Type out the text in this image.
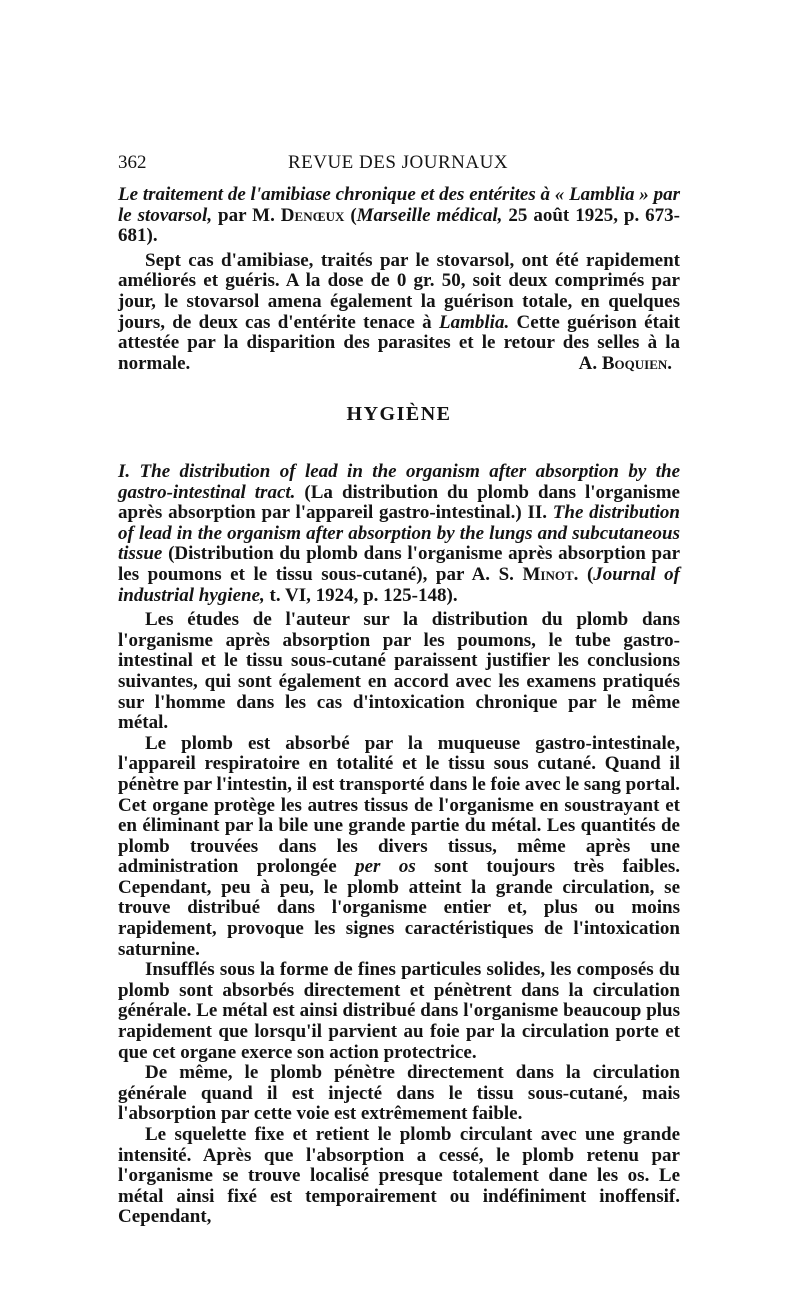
362	REVUE DES JOURNAUX

Le traitement de l'amibiase chronique et des entérites à « Lamblia » par le stovarsol, par M. Denœux (Marseille médical, 25 août 1925, p. 673-681).

Sept cas d'amibiase, traités par le stovarsol, ont été rapidement améliorés et guéris. A la dose de 0 gr. 50, soit deux comprimés par jour, le stovarsol amena également la guérison totale, en quelques jours, de deux cas d'entérite tenace à Lamblia. Cette guérison était attestée par la disparition des parasites et le retour des selles à la normale.	A. Boquien.

HYGIÈNE

I. The distribution of lead in the organism after absorption by the gastro-intestinal tract. (La distribution du plomb dans l'organisme après absorption par l'appareil gastro-intestinal.) II. The distribution of lead in the organism after absorption by the lungs and subcutaneous tissue (Distribution du plomb dans l'organisme après absorption par les poumons et le tissu sous-cutané), par A. S. Minot. (Journal of industrial hygiene, t. VI, 1924, p. 125-148).

Les études de l'auteur sur la distribution du plomb dans l'organisme après absorption par les poumons, le tube gastro-intestinal et le tissu sous-cutané paraissent justifier les conclusions suivantes, qui sont également en accord avec les examens pratiqués sur l'homme dans les cas d'intoxication chronique par le même métal.

Le plomb est absorbé par la muqueuse gastro-intestinale, l'appareil respiratoire en totalité et le tissu sous cutané. Quand il pénètre par l'intestin, il est transporté dans le foie avec le sang portal. Cet organe protège les autres tissus de l'organisme en soustrayant et en éliminant par la bile une grande partie du métal. Les quantités de plomb trouvées dans les divers tissus, même après une administration prolongée per os sont toujours très faibles. Cependant, peu à peu, le plomb atteint la grande circulation, se trouve distribué dans l'organisme entier et, plus ou moins rapidement, provoque les signes caractéristiques de l'intoxication saturnine.

Insufflés sous la forme de fines particules solides, les composés du plomb sont absorbés directement et pénètrent dans la circulation générale. Le métal est ainsi distribué dans l'organisme beaucoup plus rapidement que lorsqu'il parvient au foie par la circulation porte et que cet organe exerce son action protectrice.

De même, le plomb pénètre directement dans la circulation générale quand il est injecté dans le tissu sous-cutané, mais l'absorption par cette voie est extrêmement faible.

Le squelette fixe et retient le plomb circulant avec une grande intensité. Après que l'absorption a cessé, le plomb retenu par l'organisme se trouve localisé presque totalement dane les os. Le métal ainsi fixé est temporairement ou indéfiniment inoffensif. Cependant,
